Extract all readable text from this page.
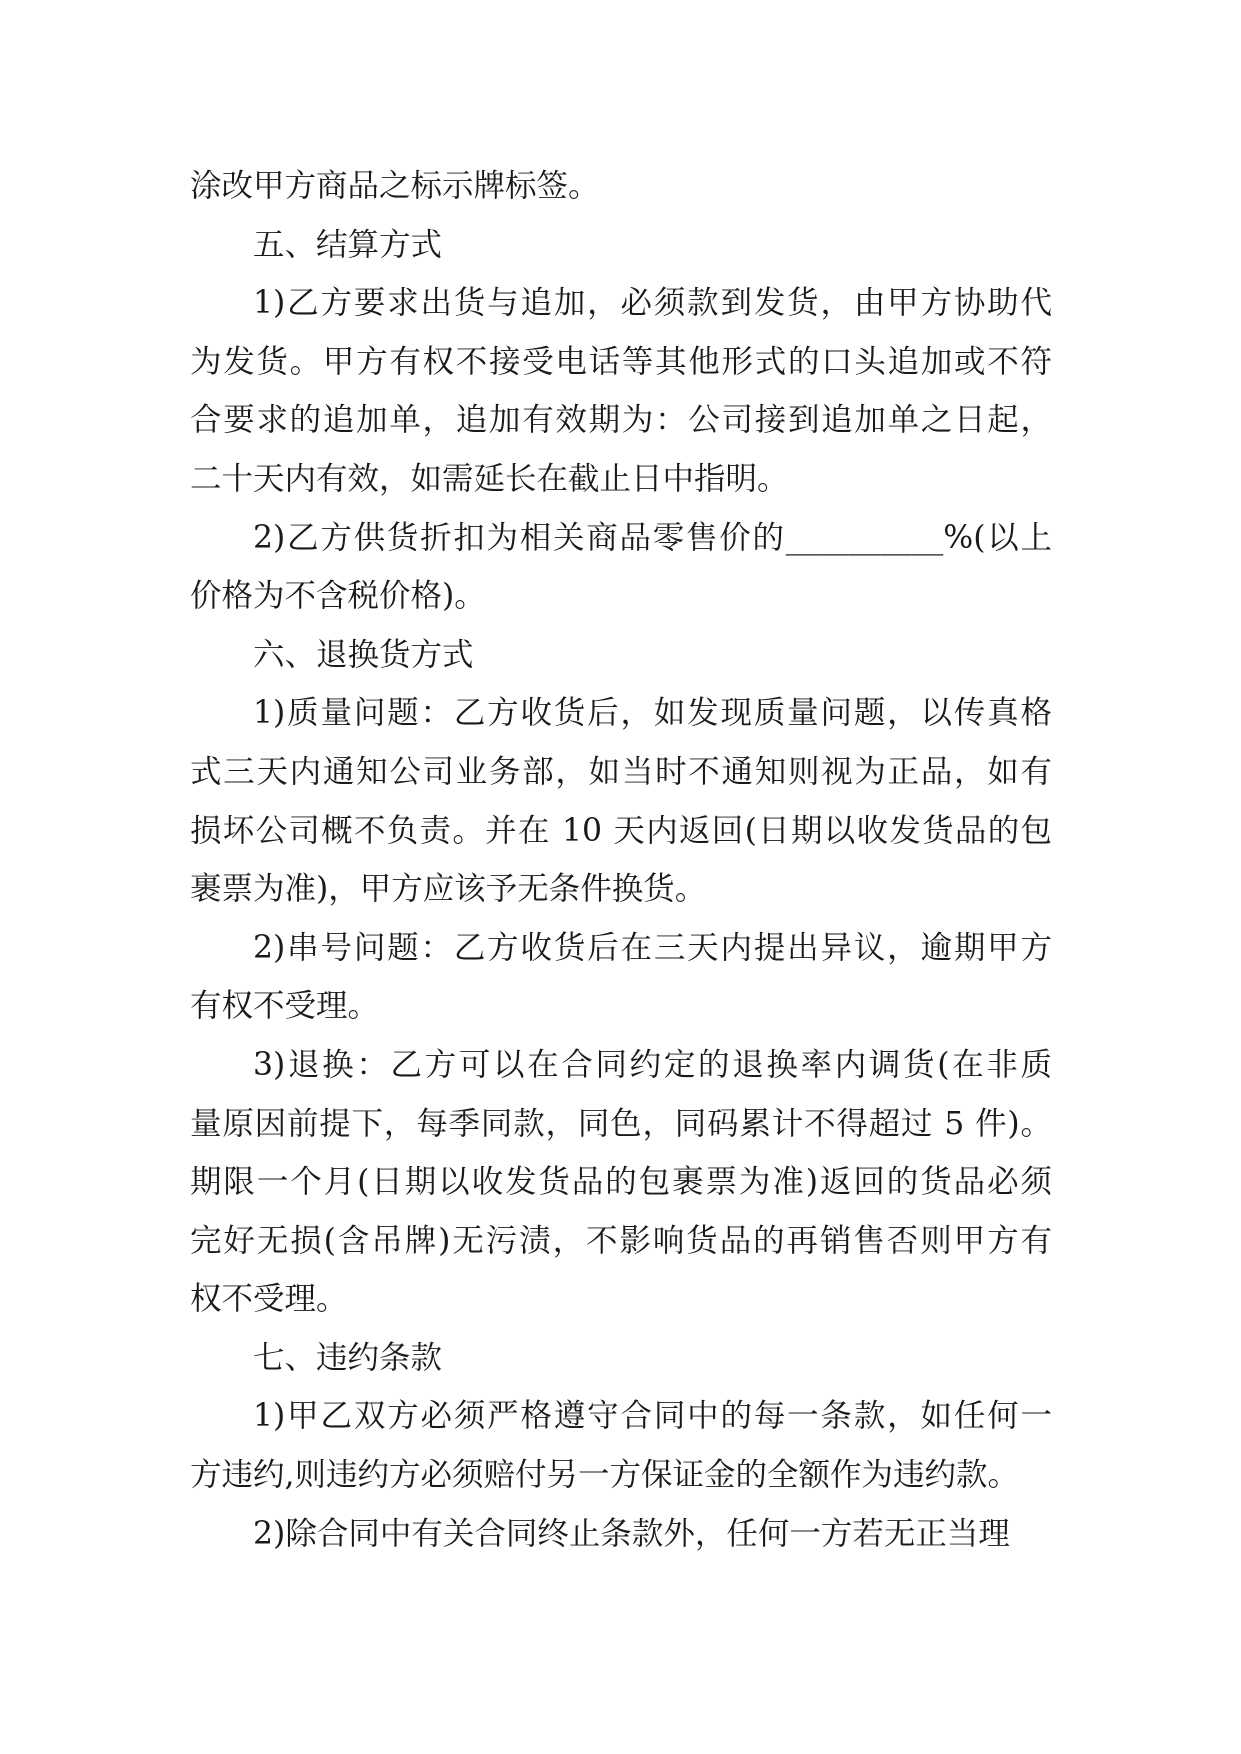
涂改甲方商品之标示牌标签。
五、结算方式
1)乙方要求出货与追加，必须款到发货，由甲方协助代
为发货。甲方有权不接受电话等其他形式的口头追加或不符
合要求的追加单，追加有效期为：公司接到追加单之日起，
二十天内有效，如需延长在截止日中指明。
2)乙方供货折扣为相关商品零售价的__________%(以上
价格为不含税价格)。
六、退换货方式
1)质量问题：乙方收货后，如发现质量问题，以传真格
式三天内通知公司业务部，如当时不通知则视为正品，如有
损坏公司概不负责。并在 10 天内返回(日期以收发货品的包
裹票为准)，甲方应该予无条件换货。
2)串号问题：乙方收货后在三天内提出异议，逾期甲方
有权不受理。
3)退换：乙方可以在合同约定的退换率内调货(在非质
量原因前提下，每季同款，同色，同码累计不得超过 5 件)。
期限一个月(日期以收发货品的包裹票为准)返回的货品必须
完好无损(含吊牌)无污渍，不影响货品的再销售否则甲方有
权不受理。
七、违约条款
1)甲乙双方必须严格遵守合同中的每一条款，如任何一
方违约,则违约方必须赔付另一方保证金的全额作为违约款。
2)除合同中有关合同终止条款外，任何一方若无正当理
